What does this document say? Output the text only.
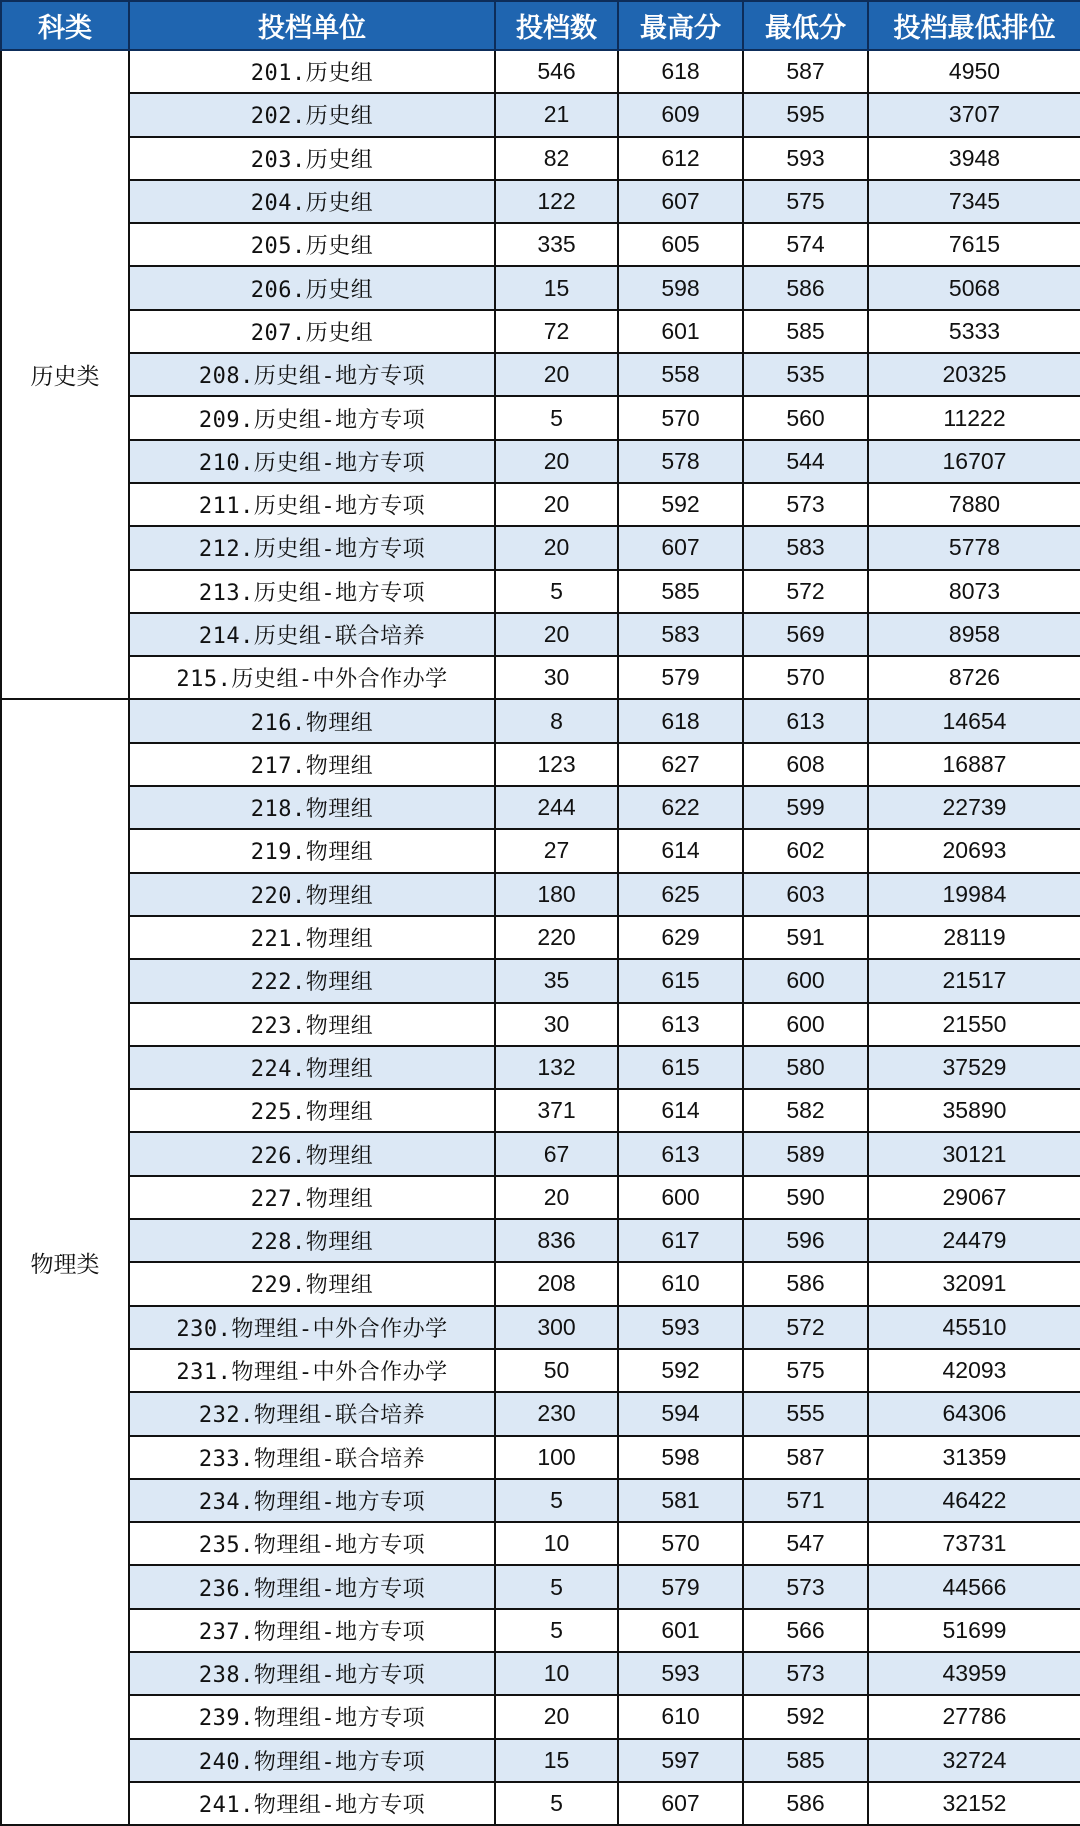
科类	投档单位	投档数	最高分	最低分	投档最低排位
历史类	201.历史组	546	618	587	4950
	202.历史组	21	609	595	3707
	203.历史组	82	612	593	3948
	204.历史组	122	607	575	7345
	205.历史组	335	605	574	7615
	206.历史组	15	598	586	5068
	207.历史组	72	601	585	5333
	208.历史组-地方专项	20	558	535	20325
	209.历史组-地方专项	5	570	560	11222
	210.历史组-地方专项	20	578	544	16707
	211.历史组-地方专项	20	592	573	7880
	212.历史组-地方专项	20	607	583	5778
	213.历史组-地方专项	5	585	572	8073
	214.历史组-联合培养	20	583	569	8958
	215.历史组-中外合作办学	30	579	570	8726
物理类	216.物理组	8	618	613	14654
	217.物理组	123	627	608	16887
	218.物理组	244	622	599	22739
	219.物理组	27	614	602	20693
	220.物理组	180	625	603	19984
	221.物理组	220	629	591	28119
	222.物理组	35	615	600	21517
	223.物理组	30	613	600	21550
	224.物理组	132	615	580	37529
	225.物理组	371	614	582	35890
	226.物理组	67	613	589	30121
	227.物理组	20	600	590	29067
	228.物理组	836	617	596	24479
	229.物理组	208	610	586	32091
	230.物理组-中外合作办学	300	593	572	45510
	231.物理组-中外合作办学	50	592	575	42093
	232.物理组-联合培养	230	594	555	64306
	233.物理组-联合培养	100	598	587	31359
	234.物理组-地方专项	5	581	571	46422
	235.物理组-地方专项	10	570	547	73731
	236.物理组-地方专项	5	579	573	44566
	237.物理组-地方专项	5	601	566	51699
	238.物理组-地方专项	10	593	573	43959
	239.物理组-地方专项	20	610	592	27786
	240.物理组-地方专项	15	597	585	32724
	241.物理组-地方专项	5	607	586	32152
